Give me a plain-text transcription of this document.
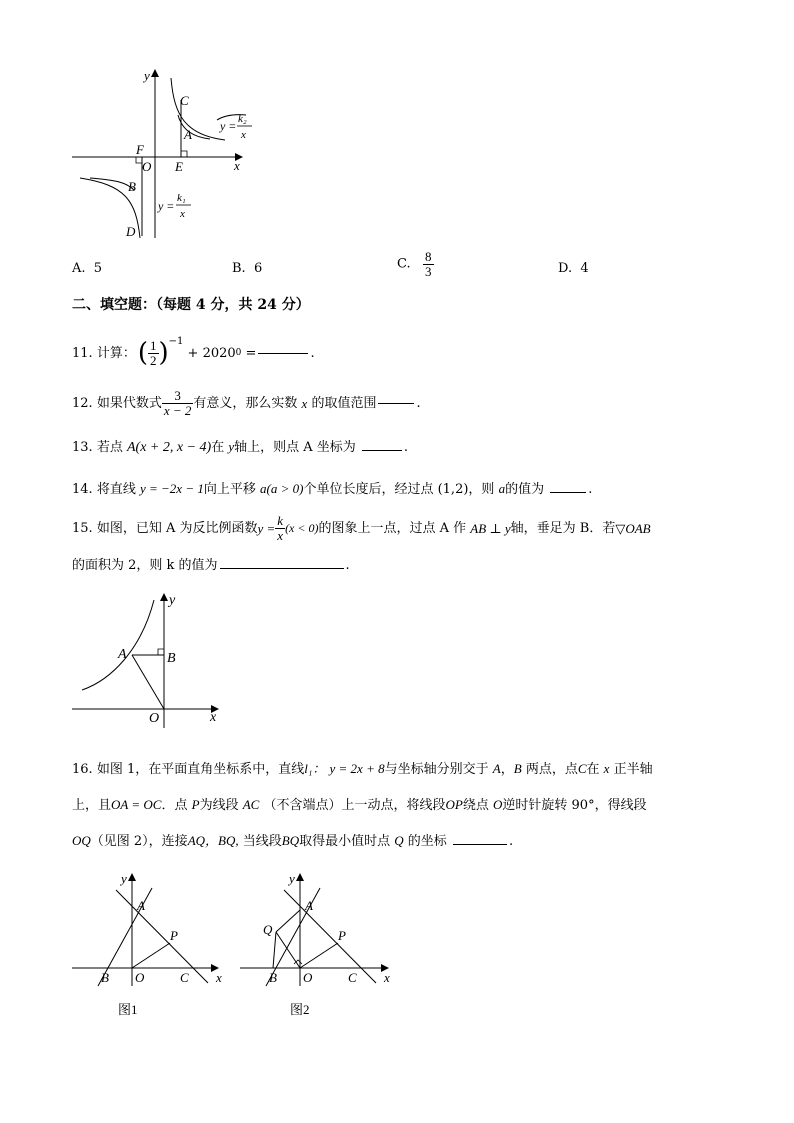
y
x
O
F
E
A
B
C
D
y = k₂
x
y =
k₁
x
A. 5	B. 6	C. $\frac{8}{3}$	D. 4
二、填空题：（每题 4 分，共 24 分）
11.
计算： ( $\frac{1}{2} )^{-1}$

+ 2020 0
=	.
12.
如果代数式 $\frac{3}{x - 2}$ 有意义，那么实数
x
的取值范围	.
13. 若点 A(x + 2, x − 4)在 y轴上，则点 A 坐标为	.
14. 将直线 y = −2x − 1向上平移 a(a > 0)个单位长度后，经过点 (1,2)，则 a的值为	.
15.
如图，已知 A 为反比例函数 $y = \frac{k}{x} (x < 0)$ 的图象上一点，过点 A 作
AB ⊥ y 轴，垂足为 B．若 ▽OAB
的面积为 2，则 k 的值为	.
y
x
A	B
O
16. 如图 1，在平面直角坐标系中，直线l₁： y = 2x + 8与坐标轴分别交于 A，B 两点，点C在 x 正半轴
上，且OA = OC．点 P为线段 AC （不含端点）上一动点，将线段OP绕点 O逆时针旋转 90°，得线段
OQ（见图 2），连接AQ，BQ, 当线段BQ取得最小值时点 Q 的坐标	.
y
x
A
B O	C
P
图1
y
x
A
B O	C
P
Q
图2
